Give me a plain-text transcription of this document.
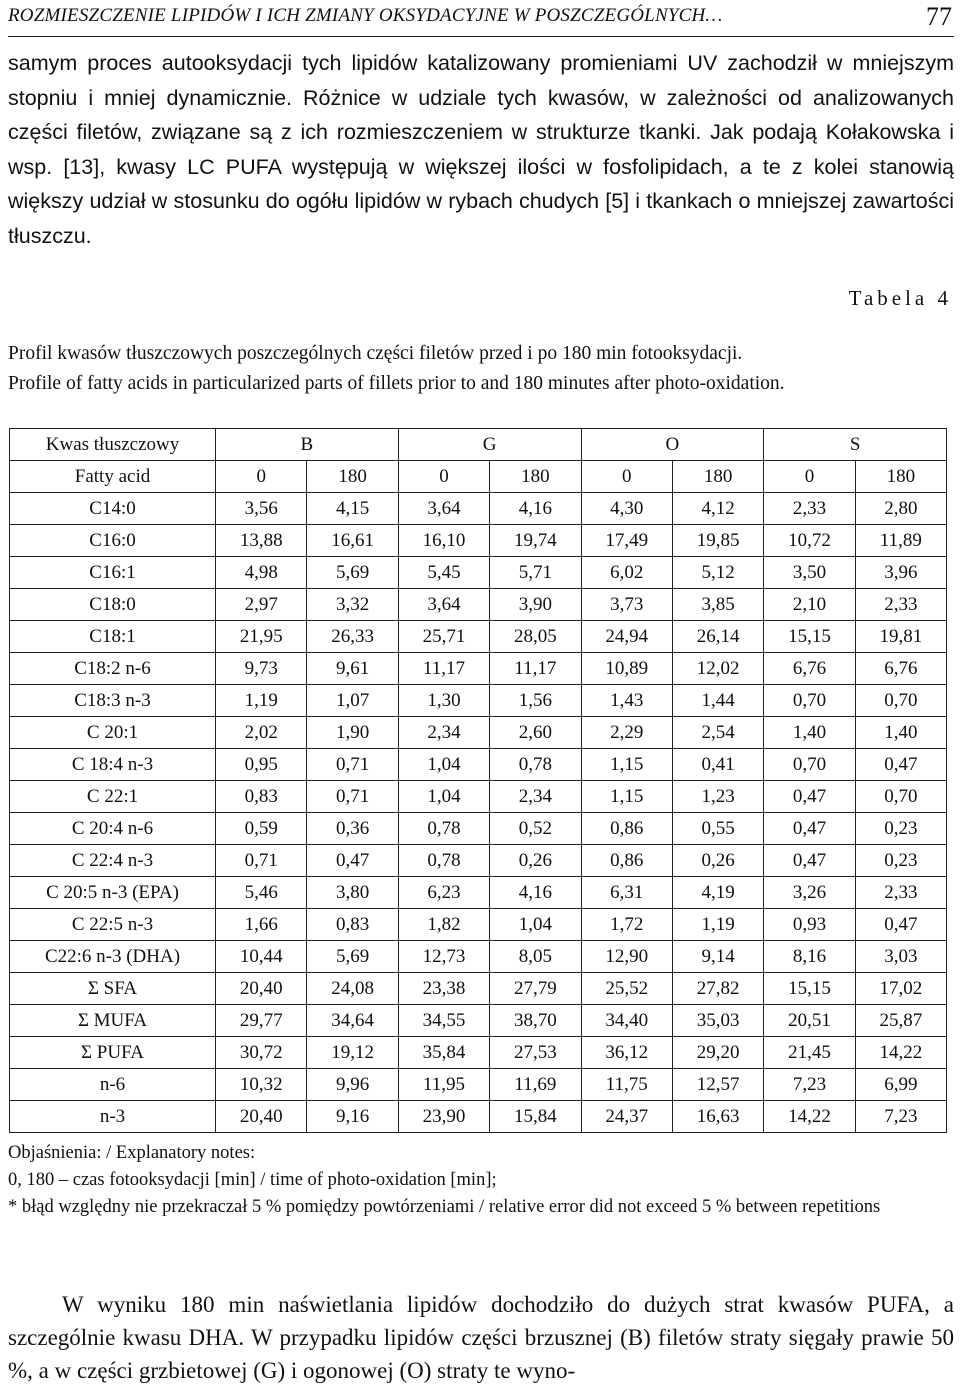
ROZMIESZCZENIE LIPIDÓW I ICH ZMIANY OKSYDACYJNE W POSZCZEGÓLNYCH…	77
samym proces autooksydacji tych lipidów katalizowany promieniami UV zachodził w mniejszym stopniu i mniej dynamicznie. Różnice w udziale tych kwasów, w zależności od analizowanych części filetów, związane są z ich rozmieszczeniem w strukturze tkanki. Jak podają Kołakowska i wsp. [13], kwasy LC PUFA występują w większej ilości w fosfolipidach, a te z kolei stanowią większy udział w stosunku do ogółu lipidów w rybach chudych [5] i tkankach o mniejszej zawartości tłuszczu.
Tabela 4
Profil kwasów tłuszczowych poszczególnych części filetów przed i po 180 min fotooksydacji.
Profile of fatty acids in particularized parts of fillets prior to and 180 minutes after photo-oxidation.
Kwas tłuszczowy	B		G		O		S	
Fatty acid	0	180	0	180	0	180	0	180
C14:0	3,56	4,15	3,64	4,16	4,30	4,12	2,33	2,80
C16:0	13,88	16,61	16,10	19,74	17,49	19,85	10,72	11,89
C16:1	4,98	5,69	5,45	5,71	6,02	5,12	3,50	3,96
C18:0	2,97	3,32	3,64	3,90	3,73	3,85	2,10	2,33
C18:1	21,95	26,33	25,71	28,05	24,94	26,14	15,15	19,81
C18:2 n-6	9,73	9,61	11,17	11,17	10,89	12,02	6,76	6,76
C18:3 n-3	1,19	1,07	1,30	1,56	1,43	1,44	0,70	0,70
C 20:1	2,02	1,90	2,34	2,60	2,29	2,54	1,40	1,40
C 18:4 n-3	0,95	0,71	1,04	0,78	1,15	0,41	0,70	0,47
C 22:1	0,83	0,71	1,04	2,34	1,15	1,23	0,47	0,70
C 20:4 n-6	0,59	0,36	0,78	0,52	0,86	0,55	0,47	0,23
C 22:4 n-3	0,71	0,47	0,78	0,26	0,86	0,26	0,47	0,23
C 20:5 n-3 (EPA)	5,46	3,80	6,23	4,16	6,31	4,19	3,26	2,33
C 22:5 n-3	1,66	0,83	1,82	1,04	1,72	1,19	0,93	0,47
C22:6 n-3 (DHA)	10,44	5,69	12,73	8,05	12,90	9,14	8,16	3,03
Σ SFA	20,40	24,08	23,38	27,79	25,52	27,82	15,15	17,02
Σ MUFA	29,77	34,64	34,55	38,70	34,40	35,03	20,51	25,87
Σ PUFA	30,72	19,12	35,84	27,53	36,12	29,20	21,45	14,22
n-6	10,32	9,96	11,95	11,69	11,75	12,57	7,23	6,99
n-3	20,40	9,16	23,90	15,84	24,37	16,63	14,22	7,23
Objaśnienia: / Explanatory notes:
0, 180 – czas fotooksydacji [min] / time of photo-oxidation [min];
* błąd względny nie przekraczał 5 % pomiędzy powtórzeniami / relative error did not exceed 5 % between repetitions
W wyniku 180 min naświetlania lipidów dochodziło do dużych strat kwasów PUFA, a szczególnie kwasu DHA. W przypadku lipidów części brzusznej (B) filetów straty sięgały prawie 50 %, a w części grzbietowej (G) i ogonowej (O) straty te wyno-
